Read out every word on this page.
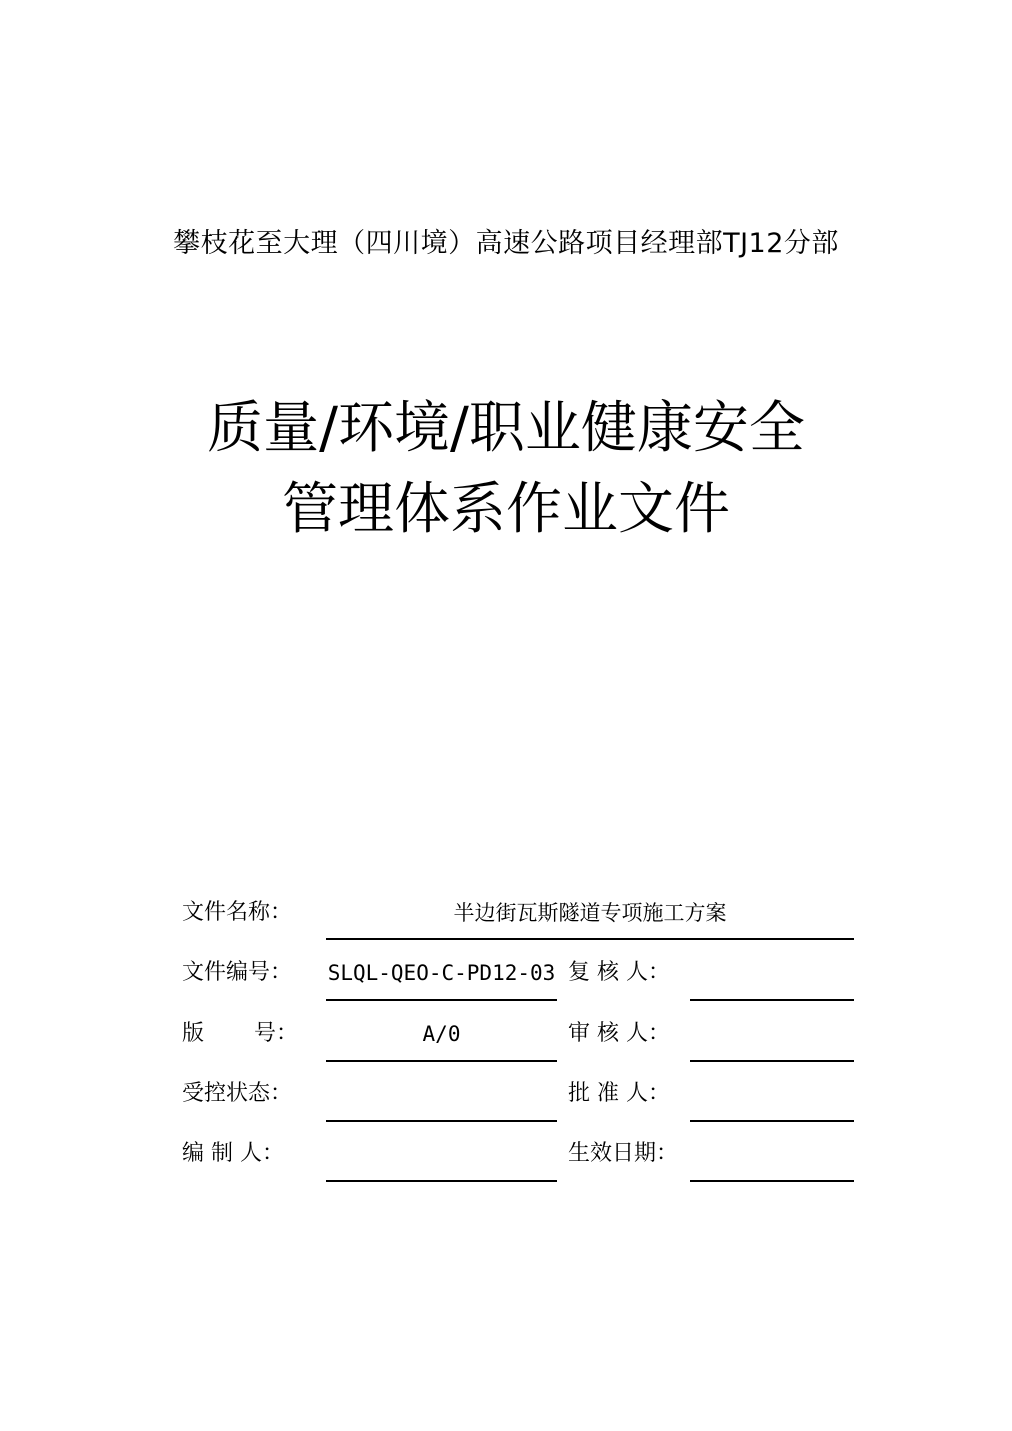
攀枝花至大理（四川境）高速公路项目经理部TJ12分部
质量/环境/职业健康安全
管理体系作业文件
文件名称：	半边街瓦斯隧道专项施工方案
文件编号： SLQL-QEO-C-PD12-03 复 核 人：
版 号：	A/0	审 核 人：
受控状态：	批 准 人：
编 制 人：	生效日期：
